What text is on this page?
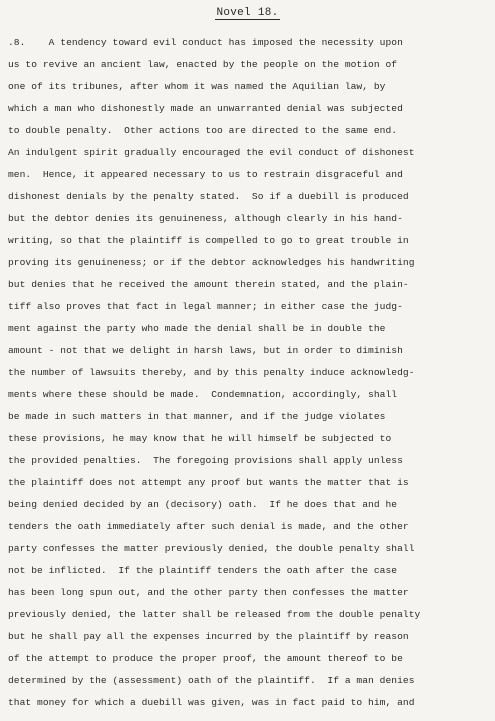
Novel 18.
.8.    A tendency toward evil conduct has imposed the necessity upon
us to revive an ancient law, enacted by the people on the motion of
one of its tribunes, after whom it was named the Aquilian law, by
which a man who dishonestly made an unwarranted denial was subjected
to double penalty.  Other actions too are directed to the same end.
An indulgent spirit gradually encouraged the evil conduct of dishonest
men.  Hence, it appeared necessary to us to restrain disgraceful and
dishonest denials by the penalty stated.  So if a duebill is produced
but the debtor denies its genuineness, although clearly in his hand-
writing, so that the plaintiff is compelled to go to great trouble in
proving its genuineness; or if the debtor acknowledges his handwriting
but denies that he received the amount therein stated, and the plain-
tiff also proves that fact in legal manner; in either case the judg-
ment against the party who made the denial shall be in double the
amount - not that we delight in harsh laws, but in order to diminish
the number of lawsuits thereby, and by this penalty induce acknowledg-
ments where these should be made.  Condemnation, accordingly, shall
be made in such matters in that manner, and if the judge violates
these provisions, he may know that he will himself be subjected to
the provided penalties.  The foregoing provisions shall apply unless
the plaintiff does not attempt any proof but wants the matter that is
being denied decided by an (decisory) oath.  If he does that and he
tenders the oath immediately after such denial is made, and the other
party confesses the matter previously denied, the double penalty shall
not be inflicted.  If the plaintiff tenders the oath after the case
has been long spun out, and the other party then confesses the matter
previously denied, the latter shall be released from the double penalty
but he shall pay all the expenses incurred by the plaintiff by reason
of the attempt to produce the proper proof, the amount thereof to be
determined by the (assessment) oath of the plaintiff.  If a man denies
that money for which a duebill was given, was in fact paid to him, and
